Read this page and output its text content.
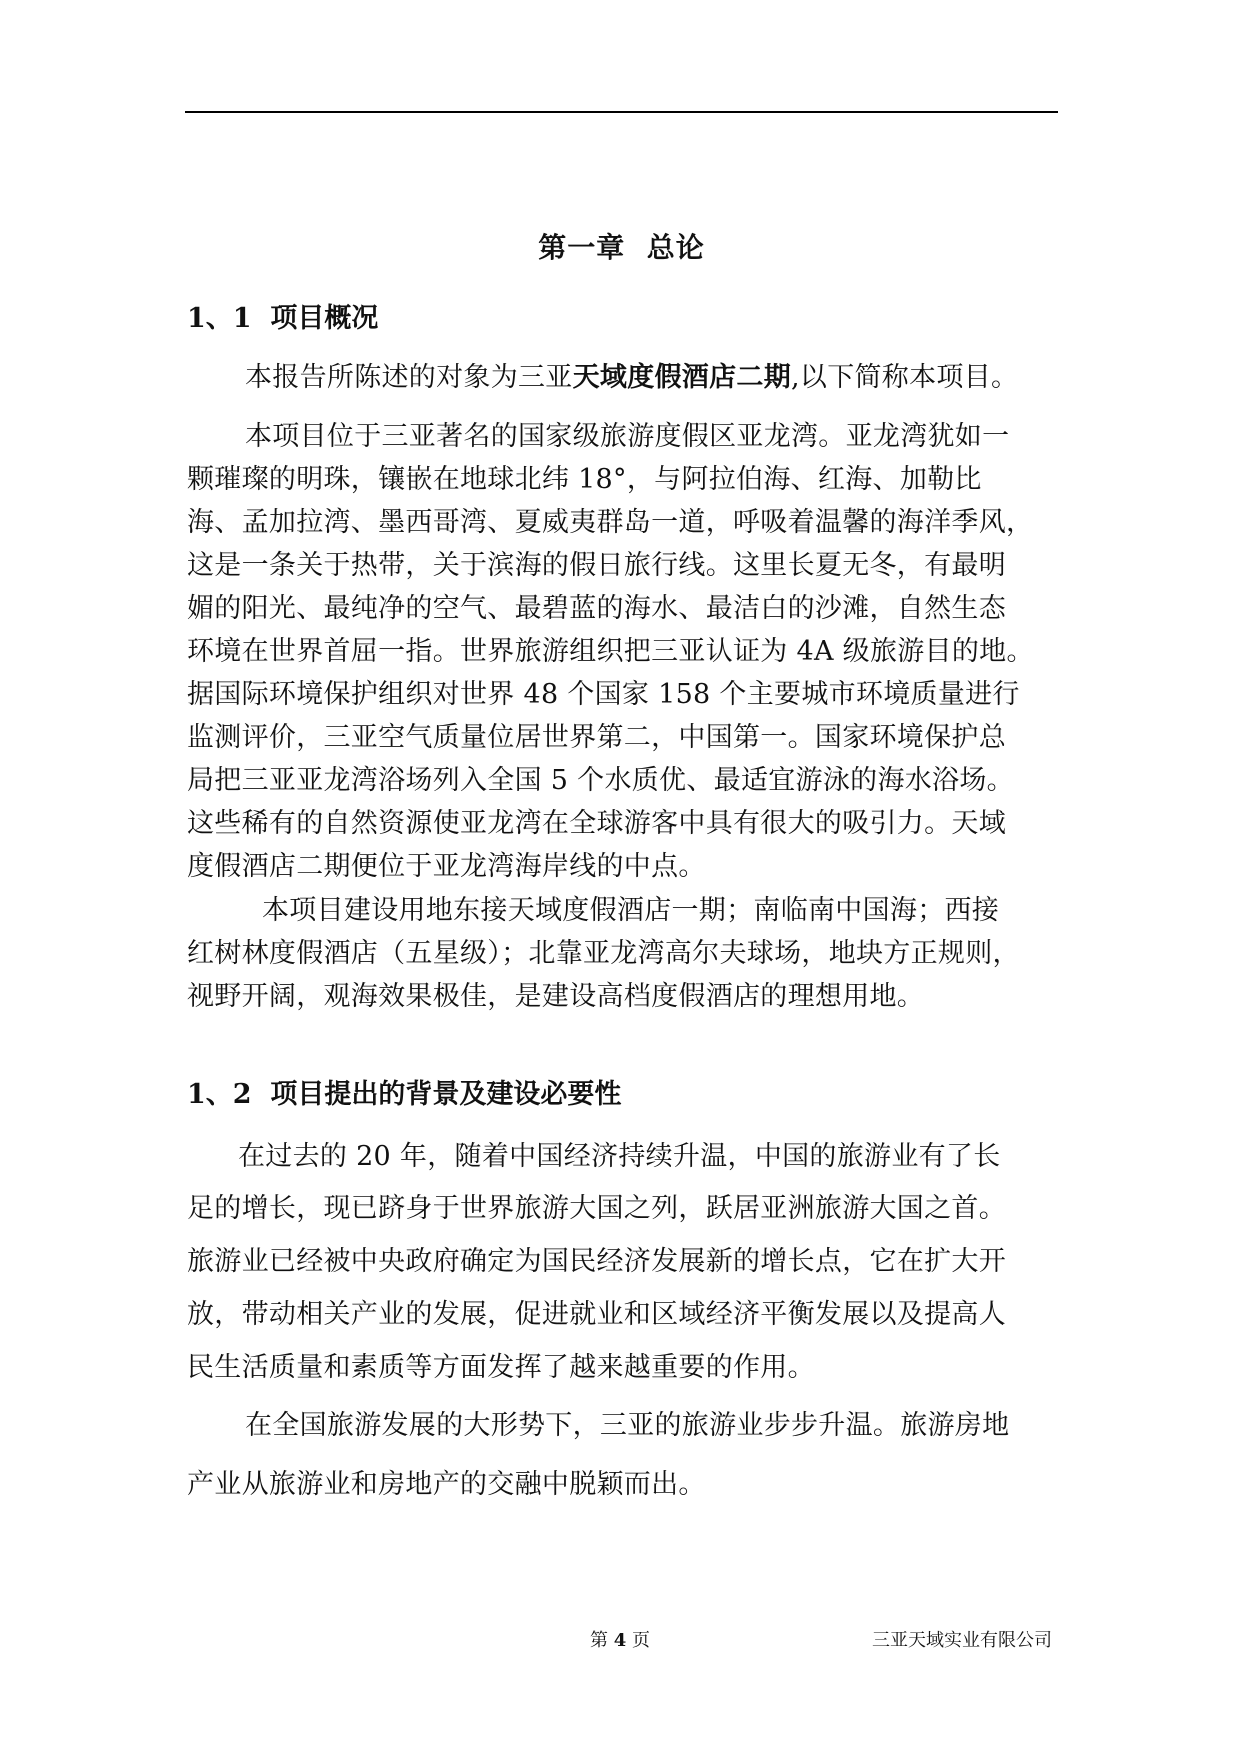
第一章  总论
1、1  项目概况
本报告所陈述的对象为三亚天域度假酒店二期,以下简称本项目。
本项目位于三亚著名的国家级旅游度假区亚龙湾。亚龙湾犹如一
颗璀璨的明珠，镶嵌在地球北纬 18°，与阿拉伯海、红海、加勒比
海、孟加拉湾、墨西哥湾、夏威夷群岛一道，呼吸着温馨的海洋季风，
这是一条关于热带，关于滨海的假日旅行线。这里长夏无冬，有最明
媚的阳光、最纯净的空气、最碧蓝的海水、最洁白的沙滩，自然生态
环境在世界首屈一指。世界旅游组织把三亚认证为 4A 级旅游目的地。
据国际环境保护组织对世界 48 个国家 158 个主要城市环境质量进行
监测评价，三亚空气质量位居世界第二，中国第一。国家环境保护总
局把三亚亚龙湾浴场列入全国 5 个水质优、最适宜游泳的海水浴场。
这些稀有的自然资源使亚龙湾在全球游客中具有很大的吸引力。天域
度假酒店二期便位于亚龙湾海岸线的中点。
本项目建设用地东接天域度假酒店一期；南临南中国海；西接
红树林度假酒店（五星级）；北靠亚龙湾高尔夫球场，地块方正规则，
视野开阔，观海效果极佳，是建设高档度假酒店的理想用地。
1、2  项目提出的背景及建设必要性
在过去的 20 年，随着中国经济持续升温，中国的旅游业有了长
足的增长，现已跻身于世界旅游大国之列，跃居亚洲旅游大国之首。
旅游业已经被中央政府确定为国民经济发展新的增长点，它在扩大开
放，带动相关产业的发展，促进就业和区域经济平衡发展以及提高人
民生活质量和素质等方面发挥了越来越重要的作用。
在全国旅游发展的大形势下，三亚的旅游业步步升温。旅游房地
产业从旅游业和房地产的交融中脱颖而出。
第 4 页	三亚天域实业有限公司
